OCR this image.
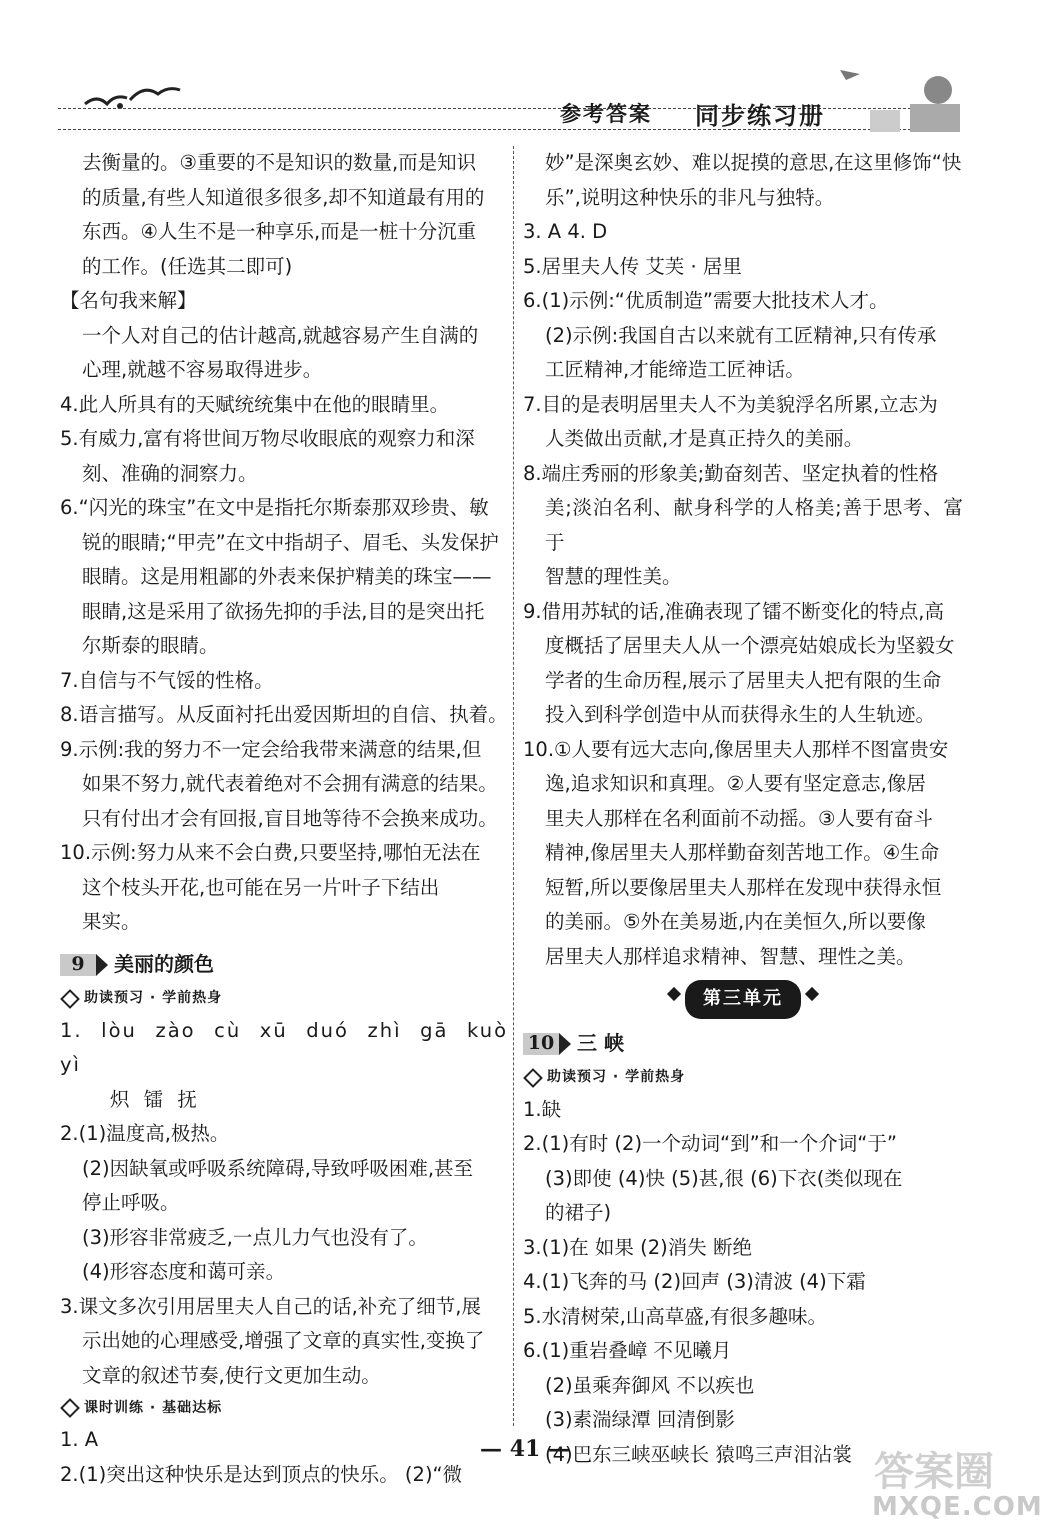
参考答案 同步练习册

去衡量的。③重要的不是知识的数量,而是知识

的质量,有些人知道很多很多,却不知道最有用的

东西。④人生不是一种享乐,而是一桩十分沉重

的工作。(任选其二即可)

【名句我来解】

一个人对自己的估计越高,就越容易产生自满的

心理,就越不容易取得进步。

4.此人所具有的天赋统统集中在他的眼睛里。

5.有威力,富有将世间万物尽收眼底的观察力和深

刻、准确的洞察力。

6.“闪光的珠宝”在文中是指托尔斯泰那双珍贵、敏

锐的眼睛;“甲壳”在文中指胡子、眉毛、头发保护

眼睛。这是用粗鄙的外表来保护精美的珠宝——

眼睛,这是采用了欲扬先抑的手法,目的是突出托

尔斯泰的眼睛。

7.自信与不气馁的性格。

8.语言描写。从反面衬托出爱因斯坦的自信、执着。

9.示例:我的努力不一定会给我带来满意的结果,但

如果不努力,就代表着绝对不会拥有满意的结果。

只有付出才会有回报,盲目地等待不会换来成功。

10.示例:努力从来不会白费,只要坚持,哪怕无法在

这个枝头开花,也可能在另一片叶子下结出

果实。

9	美丽的颜色
助读预习 · 学前热身

1. lòu zào cù xū duó zhì gā kuò yì

炽 镭 抚

2.(1)温度高,极热。

(2)因缺氧或呼吸系统障碍,导致呼吸困难,甚至

停止呼吸。

(3)形容非常疲乏,一点儿力气也没有了。

(4)形容态度和蔼可亲。

3.课文多次引用居里夫人自己的话,补充了细节,展

示出她的心理感受,增强了文章的真实性,变换了

文章的叙述节奏,使行文更加生动。

课时训练 · 基础达标

1. A

2.(1)突出这种快乐是达到顶点的快乐。 (2)“微

妙”是深奥玄妙、难以捉摸的意思,在这里修饰“快

乐”,说明这种快乐的非凡与独特。

3. A 4. D

5.居里夫人传 艾芙 · 居里

6.(1)示例:“优质制造”需要大批技术人才。

(2)示例:我国自古以来就有工匠精神,只有传承

工匠精神,才能缔造工匠神话。

7.目的是表明居里夫人不为美貌浮名所累,立志为

人类做出贡献,才是真正持久的美丽。

8.端庄秀丽的形象美;勤奋刻苦、坚定执着的性格

美;淡泊名利、献身科学的人格美;善于思考、富于

智慧的理性美。

9.借用苏轼的话,准确表现了镭不断变化的特点,高

度概括了居里夫人从一个漂亮姑娘成长为坚毅女

学者的生命历程,展示了居里夫人把有限的生命

投入到科学创造中从而获得永生的人生轨迹。

10.①人要有远大志向,像居里夫人那样不图富贵安

逸,追求知识和真理。②人要有坚定意志,像居

里夫人那样在名利面前不动摇。③人要有奋斗

精神,像居里夫人那样勤奋刻苦地工作。④生命

短暂,所以要像居里夫人那样在发现中获得永恒

的美丽。⑤外在美易逝,内在美恒久,所以要像

居里夫人那样追求精神、智慧、理性之美。

第三单元
10 三 峡
助读预习 · 学前热身

1.缺

2.(1)有时 (2)一个动词“到”和一个介词“于”

(3)即使 (4)快 (5)甚,很 (6)下衣(类似现在

的裙子)

3.(1)在 如果 (2)消失 断绝

4.(1)飞奔的马 (2)回声 (3)清波 (4)下霜

5.水清树荣,山高草盛,有很多趣味。

6.(1)重岩叠嶂 不见曦月

(2)虽乘奔御风 不以疾也

(3)素湍绿潭 回清倒影

(4)巴东三峡巫峡长 猿鸣三声泪沾裳

— 41 —	答案圈
MXQE.COM
